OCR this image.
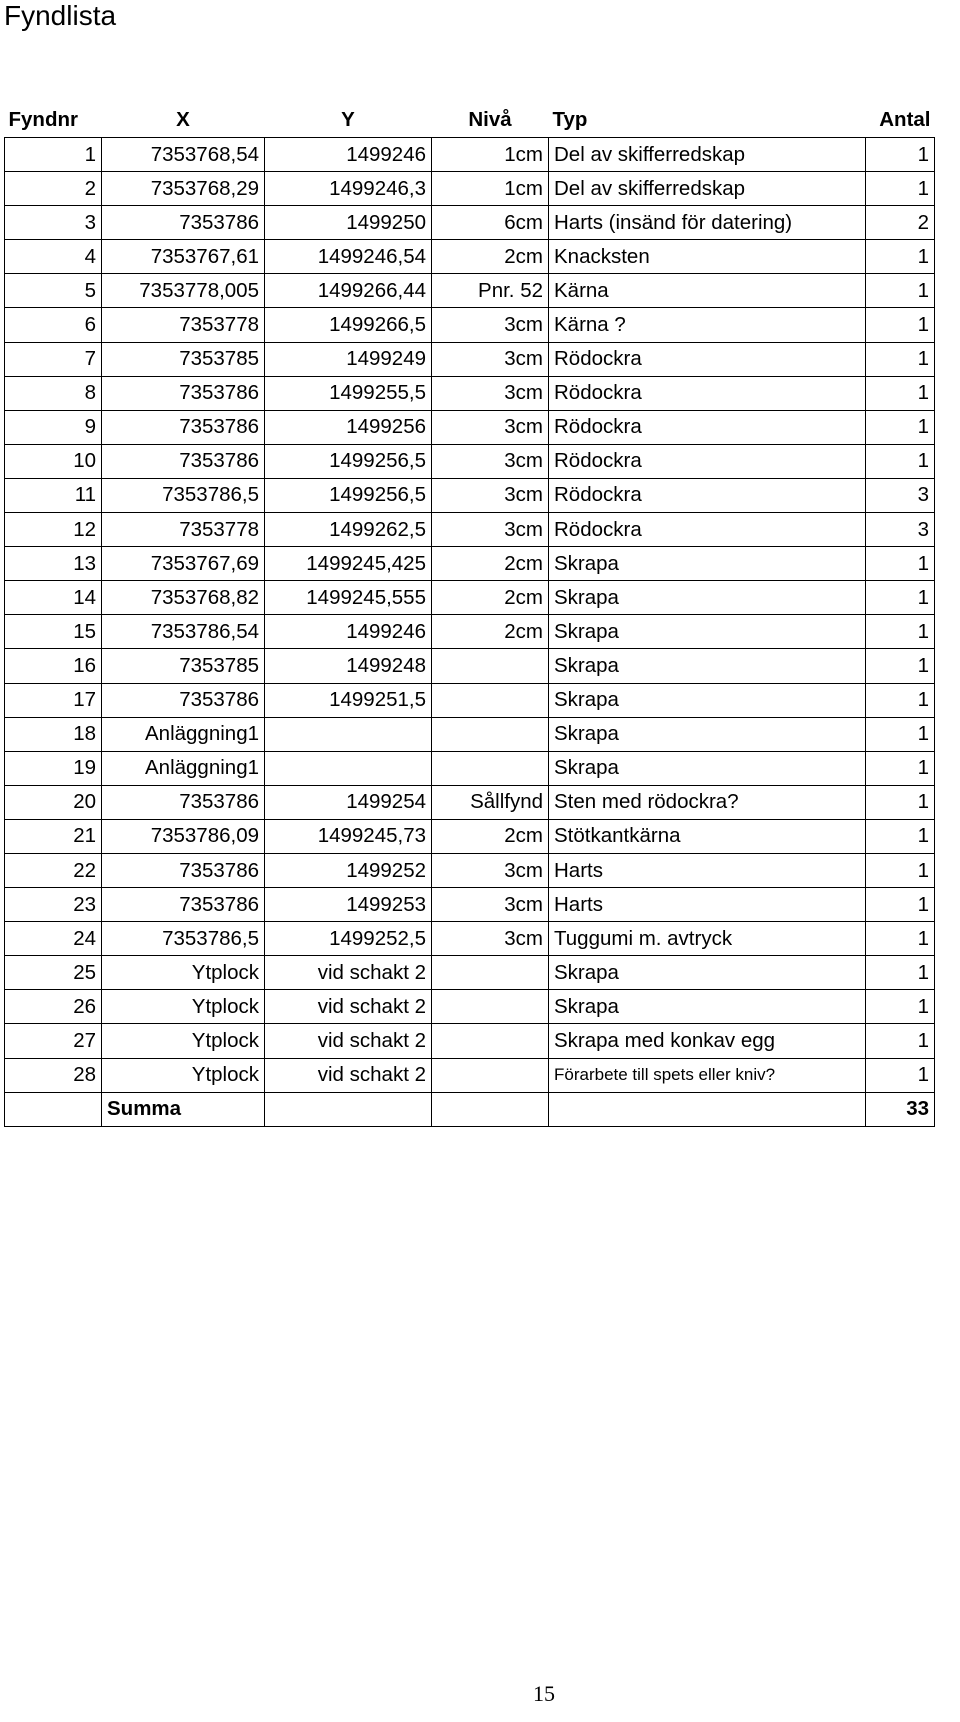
Fyndlista
Fyndnr	X	Y	Nivå	Typ	Antal
1	7353768,54	1499246	1cm	Del av skifferredskap	1
2	7353768,29	1499246,3	1cm	Del av skifferredskap	1
3	7353786	1499250	6cm	Harts (insänd för datering)	2
4	7353767,61	1499246,54	2cm	Knacksten	1
5	7353778,005	1499266,44	Pnr. 52	Kärna	1
6	7353778	1499266,5	3cm	Kärna ?	1
7	7353785	1499249	3cm	Rödockra	1
8	7353786	1499255,5	3cm	Rödockra	1
9	7353786	1499256	3cm	Rödockra	1
10	7353786	1499256,5	3cm	Rödockra	1
11	7353786,5	1499256,5	3cm	Rödockra	3
12	7353778	1499262,5	3cm	Rödockra	3
13	7353767,69	1499245,425	2cm	Skrapa	1
14	7353768,82	1499245,555	2cm	Skrapa	1
15	7353786,54	1499246	2cm	Skrapa	1
16	7353785	1499248		Skrapa	1
17	7353786	1499251,5		Skrapa	1
18	Anläggning1			Skrapa	1
19	Anläggning1			Skrapa	1
20	7353786	1499254	Sållfynd	Sten med rödockra?	1
21	7353786,09	1499245,73	2cm	Stötkantkärna	1
22	7353786	1499252	3cm	Harts	1
23	7353786	1499253	3cm	Harts	1
24	7353786,5	1499252,5	3cm	Tuggumi m. avtryck	1
25	Ytplock	vid schakt 2		Skrapa	1
26	Ytplock	vid schakt 2		Skrapa	1
27	Ytplock	vid schakt 2		Skrapa med konkav egg	1
28	Ytplock	vid schakt 2		Förarbete till spets eller kniv?	1
	Summa				33
15
